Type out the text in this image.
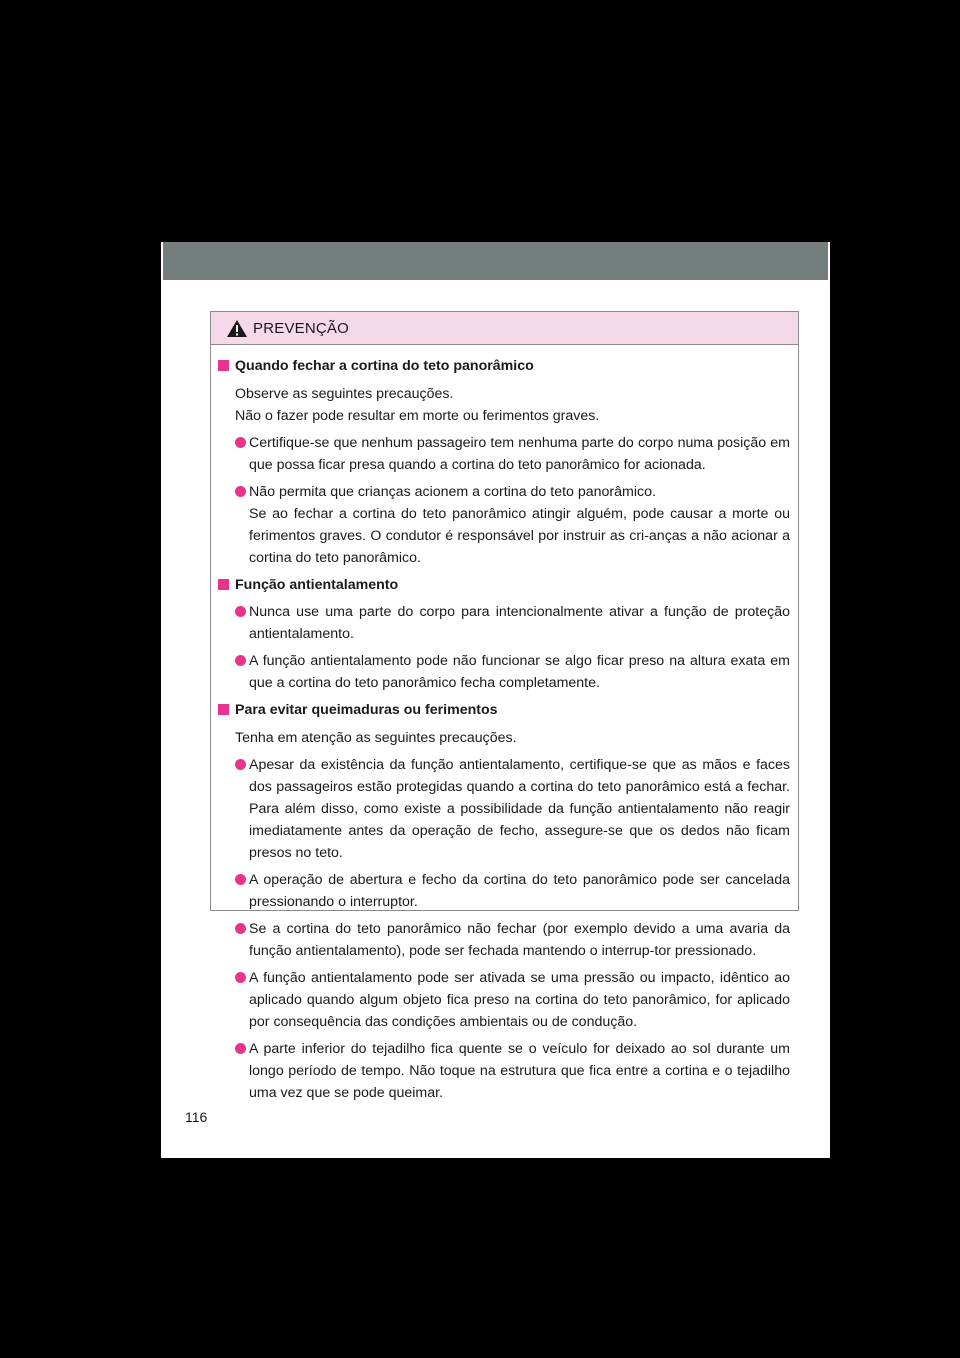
PREVENÇÃO
Quando fechar a cortina do teto panorâmico
Observe as seguintes precauções.
Não o fazer pode resultar em morte ou ferimentos graves.
Certifique-se que nenhum passageiro tem nenhuma parte do corpo numa posição em que possa ficar presa quando a cortina do teto panorâmico for acionada.
Não permita que crianças acionem a cortina do teto panorâmico.
Se ao fechar a cortina do teto panorâmico atingir alguém, pode causar a morte ou ferimentos graves. O condutor é responsável por instruir as cri-anças a não acionar a cortina do teto panorâmico.
Função antientalamento
Nunca use uma parte do corpo para intencionalmente ativar a função de proteção antientalamento.
A função antientalamento pode não funcionar se algo ficar preso na altura exata em que a cortina do teto panorâmico fecha completamente.
Para evitar queimaduras ou ferimentos
Tenha em atenção as seguintes precauções.
Apesar da existência da função antientalamento, certifique-se que as mãos e faces dos passageiros estão protegidas quando a cortina do teto panorâmico está a fechar. Para além disso, como existe a possibilidade da função antientalamento não reagir imediatamente antes da operação de fecho, assegure-se que os dedos não ficam presos no teto.
A operação de abertura e fecho da cortina do teto panorâmico pode ser cancelada pressionando o interruptor.
Se a cortina do teto panorâmico não fechar (por exemplo devido a uma avaria da função antientalamento), pode ser fechada mantendo o interrup-tor pressionado.
A função antientalamento pode ser ativada se uma pressão ou impacto, idêntico ao aplicado quando algum objeto fica preso na cortina do teto panorâmico, for aplicado por consequência das condições ambientais ou de condução.
A parte inferior do tejadilho fica quente se o veículo for deixado ao sol durante um longo período de tempo. Não toque na estrutura que fica entre a cortina e o tejadilho uma vez que se pode queimar.
116
